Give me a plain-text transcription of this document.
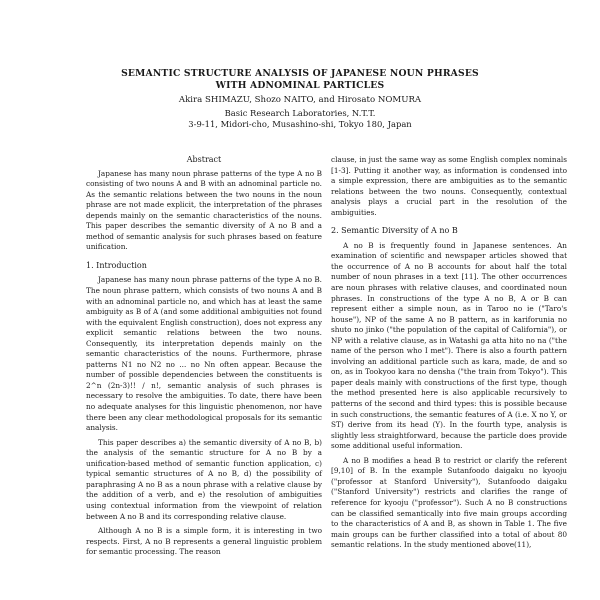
SEMANTIC STRUCTURE ANALYSIS OF JAPANESE NOUN PHRASES
WITH ADNOMINAL PARTICLES
Akira SHIMAZU, Shozo NAITO, and Hirosato NOMURA
Basic Research Laboratories, N.T.T.
3-9-11, Midori-cho, Musashino-shi, Tokyo 180, Japan
Abstract

Japanese has many noun phrase patterns of the type A no B consisting of two nouns A and B with an adnominal particle no. As the semantic relations between the two nouns in the noun phrase are not made explicit, the interpretation of the phrases depends mainly on the semantic characteristics of the nouns. This paper describes the semantic diversity of A no B and a method of semantic analysis for such phrases based on feature unification.

1. Introduction

Japanese has many noun phrase patterns of the type A no B. The noun phrase pattern, which consists of two nouns A and B with an adnominal particle no, and which has at least the same ambiguity as B of A (and some additional ambiguities not found with the equivalent English construction), does not express any explicit semantic relations between the two nouns. Consequently, its interpretation depends mainly on the semantic characteristics of the nouns. Furthermore, phrase patterns N1 no N2 no ... no Nn often appear. Because the number of possible dependencies between the constituents is 2^n (2n-3)!! / n!, semantic analysis of such phrases is necessary to resolve the ambiguities. To date, there have been no adequate analyses for this linguistic phenomenon, nor have there been any clear methodological proposals for its semantic analysis.

This paper describes a) the semantic diversity of A no B, b) the analysis of the semantic structure for A no B by a unification-based method of semantic function application, c) typical semantic structures of A no B, d) the possibility of paraphrasing A no B as a noun phrase with a relative clause by the addition of a verb, and e) the resolution of ambiguities using contextual information from the viewpoint of relation between A no B and its corresponding relative clause.

Although A no B is a simple form, it is interesting in two respects. First, A no B represents a general linguistic problem for semantic processing. The reason

clause, in just the same way as some English complex nominals [1-3]. Putting it another way, as information is condensed into a simple expression, there are ambiguities as to the semantic relations between the two nouns. Consequently, contextual analysis plays a crucial part in the resolution of the ambiguities.

2. Semantic Diversity of A no B

A no B is frequently found in Japanese sentences. An examination of scientific and newspaper articles showed that the occurrence of A no B accounts for about half the total number of noun phrases in a text [11]. The other occurrences are noun phrases with relative clauses, and coordinated noun phrases. In constructions of the type A no B, A or B can represent either a simple noun, as in Taroo no ie ("Taro's house"), NP of the same A no B pattern, as in kariforunia no shuto no jinko ("the population of the capital of California"), or NP with a relative clause, as in Watashi ga atta hito no na ("the name of the person who I met"). There is also a fourth pattern involving an additional particle such as kara, made, de and so on, as in Tookyoo kara no densha ("the train from Tokyo"). This paper deals mainly with constructions of the first type, though the method presented here is also applicable recursively to patterns of the second and third types: this is possible because in such constructions, the semantic features of A (i.e. X no Y, or ST) derive from its head (Y). In the fourth type, analysis is slightly less straightforward, because the particle does provide some additional useful information.

A no B modifies a head B to restrict or clarify the referent [9,10] of B. In the example Sutanfoodo daigaku no kyooju ("professor at Stanford University"), Sutanfoodo daigaku ("Stanford University") restricts and clarifies the range of reference for kyooju ("professor"). Such A no B constructions can be classified semantically into five main groups according to the characteristics of A and B, as shown in Table 1. The five main groups can be further classified into a total of about 80 semantic relations. In the study mentioned above(11),
